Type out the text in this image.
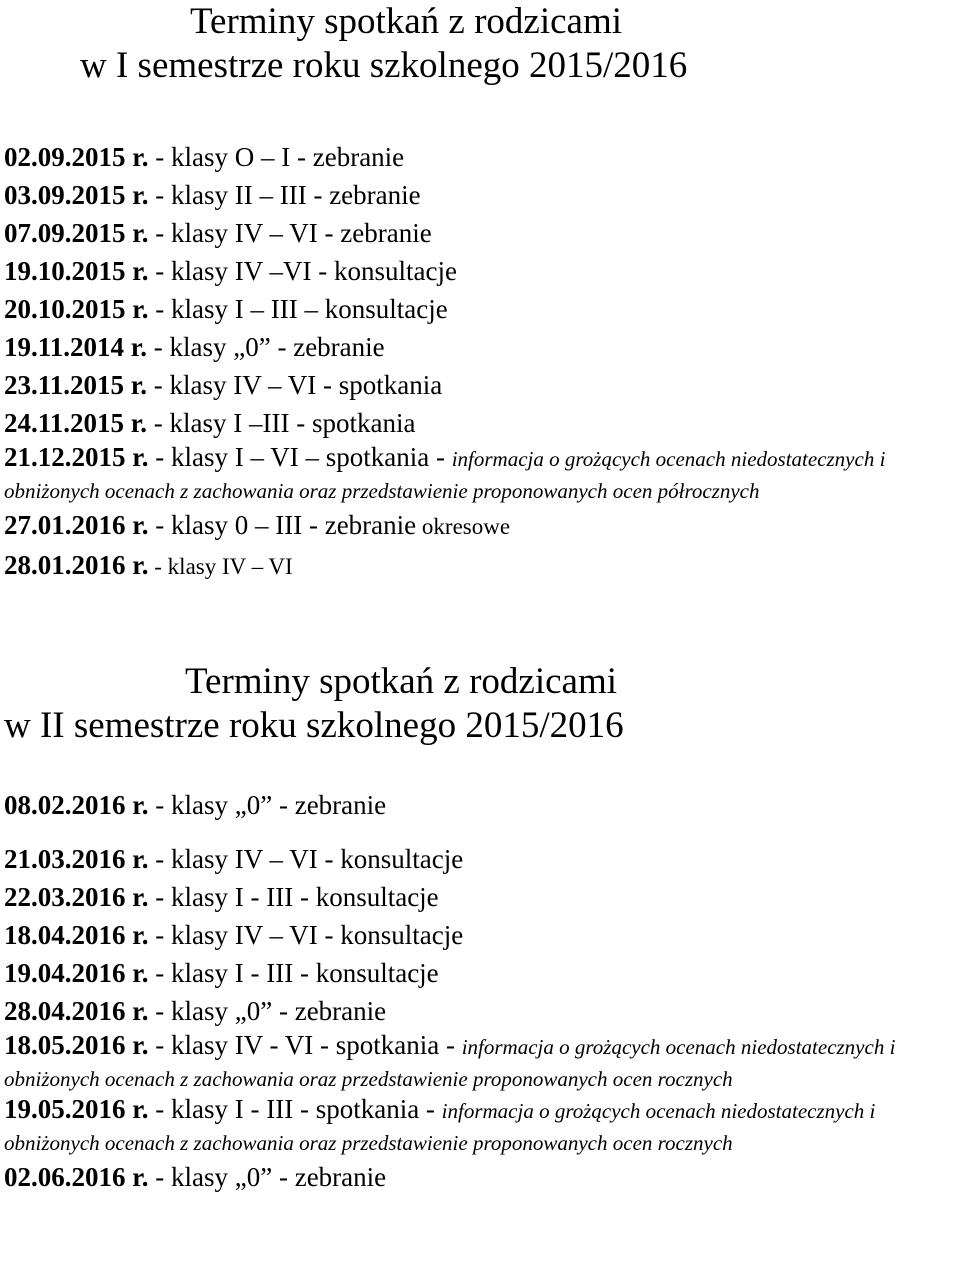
Terminy spotkań z rodzicami
w I semestrze roku szkolnego 2015/2016
02.09.2015 r. - klasy O – I - zebranie
03.09.2015 r. - klasy II – III - zebranie
07.09.2015 r. - klasy IV – VI - zebranie
19.10.2015 r. - klasy IV –VI - konsultacje
20.10.2015 r. - klasy I – III – konsultacje
19.11.2014 r. - klasy „0” - zebranie
23.11.2015 r. - klasy IV – VI - spotkania
24.11.2015 r. - klasy I –III - spotkania
21.12.2015 r. - klasy I – VI – spotkania - informacja o grożących ocenach niedostatecznych i obniżonych ocenach z zachowania oraz przedstawienie proponowanych ocen półrocznych
27.01.2016 r. - klasy 0 – III - zebranie okresowe
28.01.2016 r. - klasy IV – VI
Terminy spotkań z rodzicami
w II semestrze roku szkolnego 2015/2016
08.02.2016 r. - klasy „0” - zebranie
21.03.2016 r. - klasy IV – VI - konsultacje
22.03.2016 r. - klasy I - III - konsultacje
18.04.2016 r. - klasy IV – VI - konsultacje
19.04.2016 r. - klasy I - III - konsultacje
28.04.2016 r. - klasy „0” - zebranie
18.05.2016 r. - klasy IV - VI - spotkania - informacja o grożących ocenach niedostatecznych i obniżonych ocenach z zachowania oraz przedstawienie proponowanych ocen rocznych
19.05.2016 r. - klasy I - III - spotkania - informacja o grożących ocenach niedostatecznych i obniżonych ocenach z zachowania oraz przedstawienie proponowanych ocen rocznych
02.06.2016 r. - klasy „0” - zebranie
